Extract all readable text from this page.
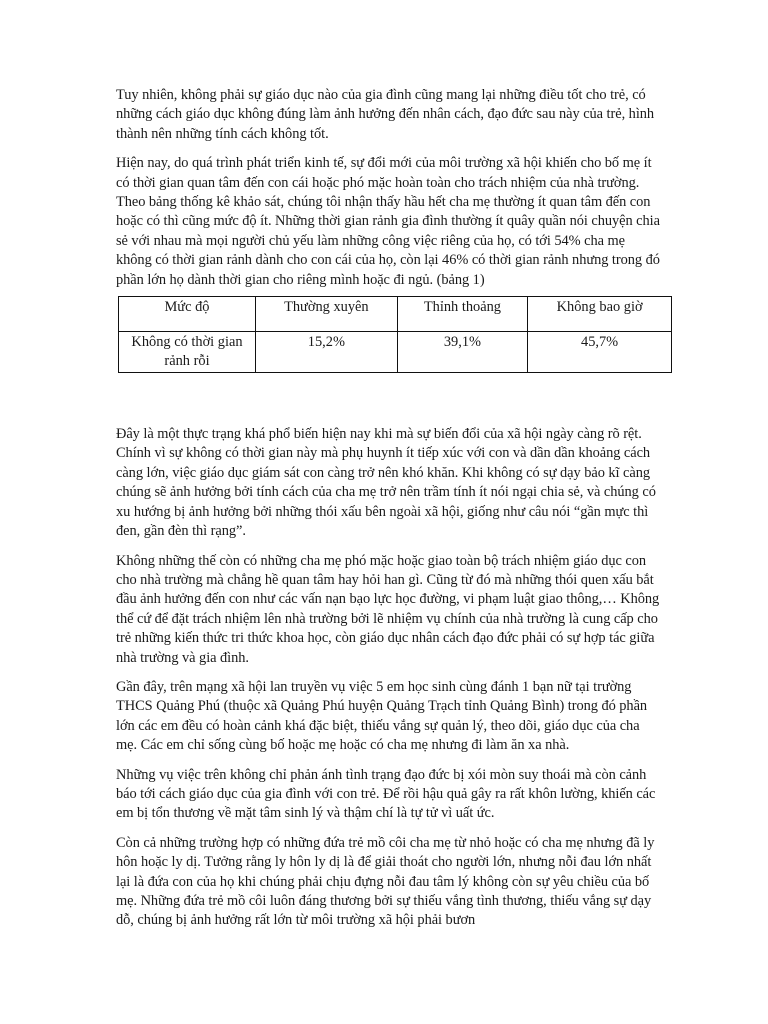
Tuy nhiên, không phải sự giáo dục nào của gia đình cũng mang lại những điều tốt cho trẻ, có những cách giáo dục không đúng làm ảnh hưởng đến nhân cách, đạo đức sau này của trẻ, hình thành nên những tính cách không tốt.

Hiện nay, do quá trình phát triển kinh tế, sự đổi mới của môi trường xã hội khiến cho bố mẹ ít có thời gian quan tâm đến con cái hoặc phó mặc hoàn toàn cho trách nhiệm của nhà trường. Theo bảng thống kê khảo sát, chúng tôi nhận thấy hầu hết cha mẹ thường ít quan tâm đến con hoặc có thì cũng mức độ ít. Những thời gian rảnh gia đình thường ít quây quần nói chuyện chia sẻ với nhau mà mọi người chủ yếu làm những công việc riêng của họ, có tới 54% cha mẹ không có thời gian rảnh dành cho con cái của họ, còn lại 46% có thời gian rảnh nhưng trong đó phần lớn họ dành thời gian cho riêng mình hoặc đi ngủ. (bảng 1)

Mức độ	Thường xuyên	Thỉnh thoảng	Không bao giờ
Không có thời gian rảnh rỗi	15,2%	39,1%	45,7%

Đây là một thực trạng khá phổ biến hiện nay khi mà sự biến đổi của xã hội ngày càng rõ rệt. Chính vì sự không có thời gian này mà phụ huynh ít tiếp xúc với con và dần dần khoảng cách càng lớn, việc giáo dục giám sát con càng trở nên khó khăn. Khi không có sự dạy bảo kĩ càng chúng sẽ ảnh hưởng bởi tính cách của cha mẹ trở nên trầm tính ít nói ngại chia sẻ, và chúng có xu hướng bị ảnh hưởng bởi những thói xấu bên ngoài xã hội, giống như câu nói “gần mực thì đen, gần đèn thì rạng”.

Không những thế còn có những cha mẹ phó mặc hoặc giao toàn bộ trách nhiệm giáo dục con cho nhà trường mà chẳng hề quan tâm hay hỏi han gì. Cũng từ đó mà những thói quen xấu bắt đầu ảnh hưởng đến con như các vấn nạn bạo lực học đường, vi phạm luật giao thông,… Không thể cứ để đặt trách nhiệm lên nhà trường bởi lẽ nhiệm vụ chính của nhà trường là cung cấp cho trẻ những kiến thức tri thức khoa học, còn giáo dục nhân cách đạo đức phải có sự hợp tác giữa nhà trường và gia đình.

Gần đây, trên mạng xã hội lan truyền vụ việc 5 em học sinh cùng đánh 1 bạn nữ tại trường THCS Quảng Phú (thuộc xã Quảng Phú huyện Quảng Trạch tỉnh Quảng Bình) trong đó phần lớn các em đều có hoàn cảnh khá đặc biệt, thiếu vắng sự quản lý, theo dõi, giáo dục của cha mẹ. Các em chỉ sống cùng bố hoặc mẹ hoặc có cha mẹ nhưng đi làm ăn xa nhà.

Những vụ việc trên không chỉ phản ánh tình trạng đạo đức bị xói mòn suy thoái mà còn cảnh báo tới cách giáo dục của gia đình với con trẻ. Để rồi hậu quả gây ra rất khôn lường, khiến các em bị tổn thương về mặt tâm sinh lý và thậm chí là tự tử vì uất ức.

Còn cả những trường hợp có những đứa trẻ mồ côi cha mẹ từ nhỏ hoặc có cha mẹ nhưng đã ly hôn hoặc ly dị. Tưởng rằng ly hôn ly dị là để giải thoát cho người lớn, nhưng nỗi đau lớn nhất lại là đứa con của họ khi chúng phải chịu đựng nỗi đau tâm lý không còn sự yêu chiều của bố mẹ. Những đứa trẻ mồ côi luôn đáng thương bởi sự thiếu vắng tình thương, thiếu vắng sự dạy dỗ, chúng bị ảnh hưởng rất lớn từ môi trường xã hội phải bươn
